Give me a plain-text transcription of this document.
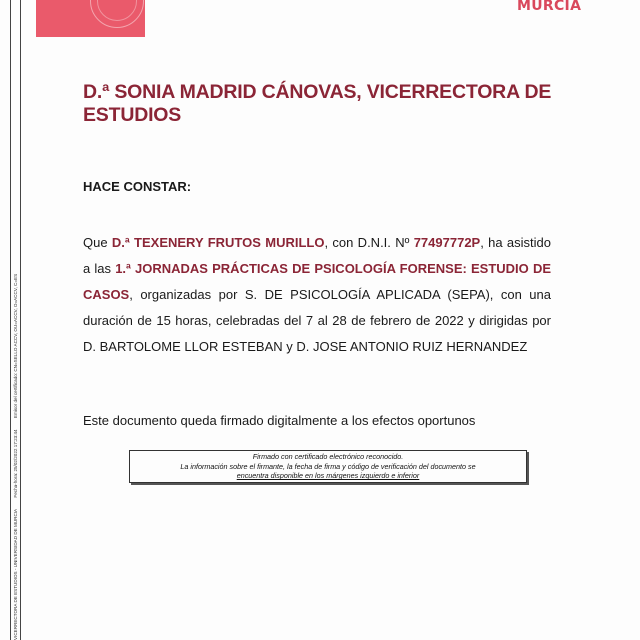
VICERRECTORA DE ESTUDIOS - UNIVERSIDAD DE MURCIA Fecha-hora: 25/02/2022 17:23:44 Emisor del certificado: CN=SELLO ACCV, OU=ACCV, O=ACCV, C=ES
MURCIA
D.ª SONIA MADRID CÁNOVAS, VICERRECTORA DE ESTUDIOS
HACE CONSTAR:
Que D.ª TEXENERY FRUTOS MURILLO, con D.N.I. Nº 77497772P, ha asistido a las 1.ª JORNADAS PRÁCTICAS DE PSICOLOGÍA FORENSE: ESTUDIO DE CASOS, organizadas por S. DE PSICOLOGÍA APLICADA (SEPA), con una duración de 15 horas, celebradas del 7 al 28 de febrero de 2022 y dirigidas por D. BARTOLOME LLOR ESTEBAN y D. JOSE ANTONIO RUIZ HERNANDEZ
Este documento queda firmado digitalmente a los efectos oportunos
Firmado con certificado electrónico reconocido.
La información sobre el firmante, la fecha de firma y código de verificación del documento se
encuentra disponible en los márgenes izquierdo e inferior
